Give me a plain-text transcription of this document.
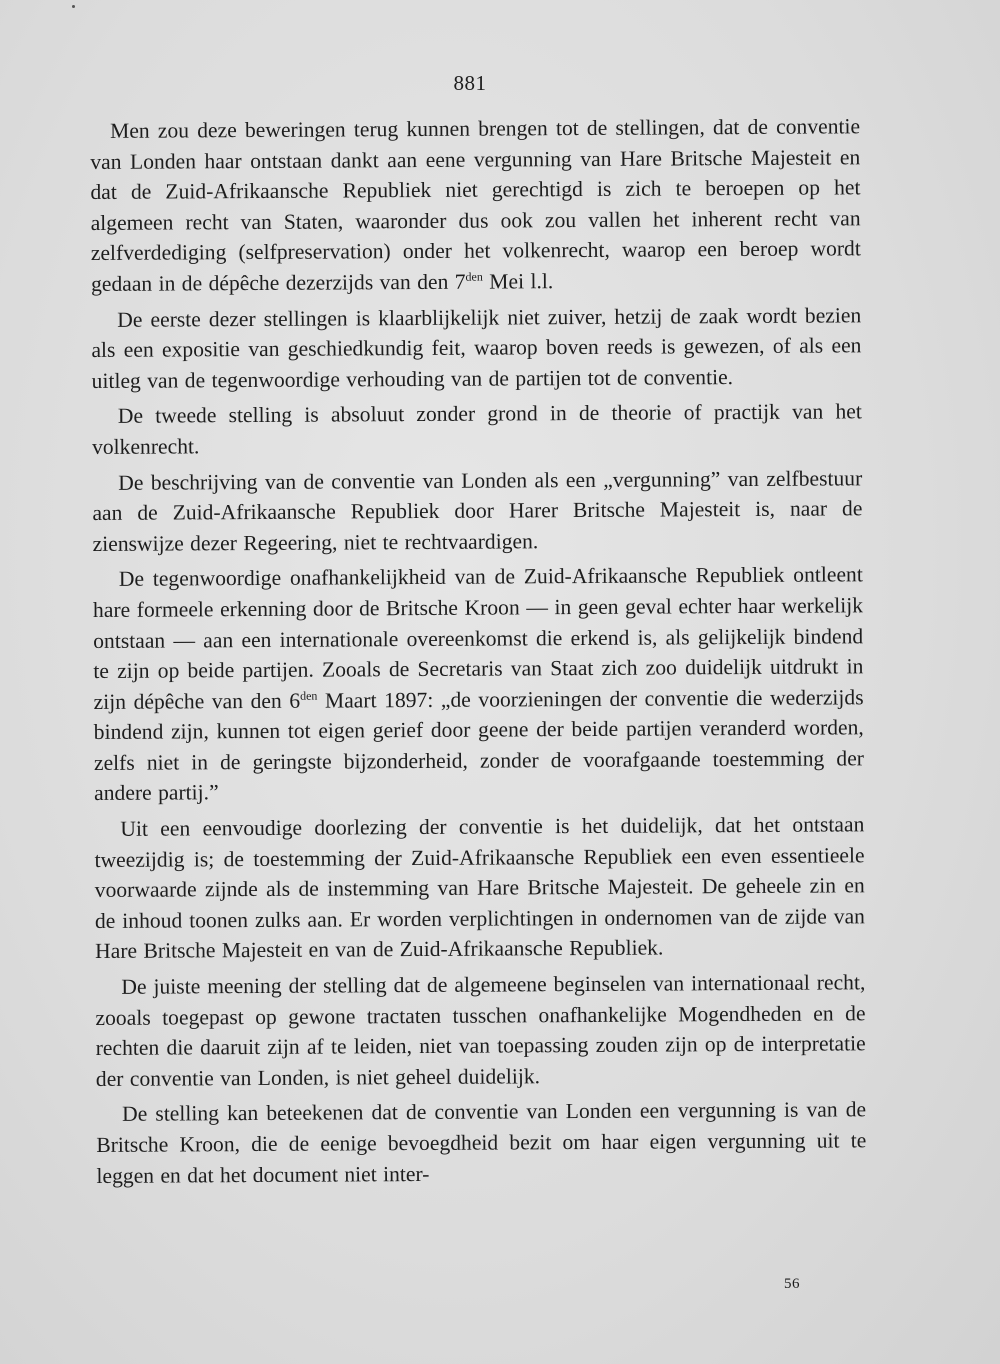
881

Men zou deze beweringen terug kunnen brengen tot de stellingen, dat de conventie van Londen haar ontstaan dankt aan eene vergunning van Hare Britsche Majesteit en dat de Zuid-Afrikaansche Republiek niet gerechtigd is zich te beroepen op het algemeen recht van Staten, waaronder dus ook zou vallen het inherent recht van zelfverdediging (selfpreservation) onder het volkenrecht, waarop een beroep wordt gedaan in de dépêche dezerzijds van den $7^{den}$ Mei l.l.

De eerste dezer stellingen is klaarblijkelijk niet zuiver, hetzij de zaak wordt bezien als een expositie van geschiedkundig feit, waarop boven reeds is gewezen, of als een uitleg van de tegenwoordige verhouding van de partijen tot de conventie.

De tweede stelling is absoluut zonder grond in de theorie of practijk van het volkenrecht.

De beschrijving van de conventie van Londen als een „vergunning” van zelfbestuur aan de Zuid-Afrikaansche Republiek door Harer Britsche Majesteit is, naar de zienswijze dezer Regeering, niet te rechtvaardigen.

De tegenwoordige onafhankelijkheid van de Zuid-Afrikaansche Republiek ontleent hare formeele erkenning door de Britsche Kroon — in geen geval echter haar werkelijk ontstaan — aan een internationale overeenkomst die erkend is, als gelijkelijk bindend te zijn op beide partijen. Zooals de Secretaris van Staat zich zoo duidelijk uitdrukt in zijn dépêche van den $6^{den}$ Maart 1897: „de voorzieningen der conventie die wederzijds bindend zijn, kunnen tot eigen gerief door geene der beide partijen veranderd worden, zelfs niet in de geringste bijzonderheid, zonder de voorafgaande toestemming der andere partij.”

Uit een eenvoudige doorlezing der conventie is het duidelijk, dat het ontstaan tweezijdig is; de toestemming der Zuid-Afrikaansche Republiek een even essentieele voorwaarde zijnde als de instemming van Hare Britsche Majesteit. De geheele zin en de inhoud toonen zulks aan. Er worden verplichtingen in ondernomen van de zijde van Hare Britsche Majesteit en van de Zuid-Afrikaansche Republiek.

De juiste meening der stelling dat de algemeene beginselen van internationaal recht, zooals toegepast op gewone tractaten tusschen onafhankelijke Mogendheden en de rechten die daaruit zijn af te leiden, niet van toepassing zouden zijn op de interpretatie der conventie van Londen, is niet geheel duidelijk.

De stelling kan beteekenen dat de conventie van Londen een vergunning is van de Britsche Kroon, die de eenige bevoegdheid bezit om haar eigen vergunning uit te leggen en dat het document niet inter-

56
